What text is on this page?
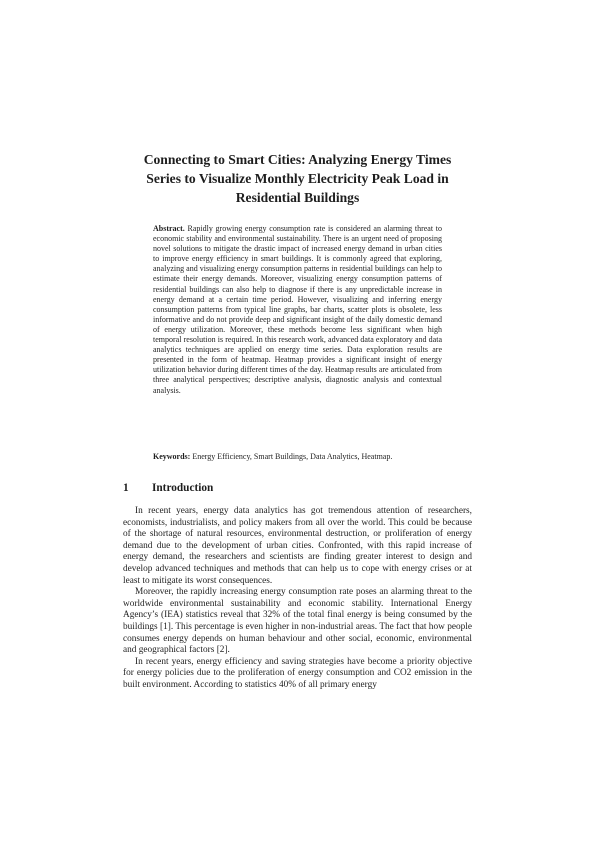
Connecting to Smart Cities: Analyzing Energy Times
Series to Visualize Monthly Electricity Peak Load in
Residential Buildings
Abstract. Rapidly growing energy consumption rate is considered an alarming threat to economic stability and environmental sustainability. There is an urgent need of proposing novel solutions to mitigate the drastic impact of increased energy demand in urban cities to improve energy efficiency in smart buildings. It is commonly agreed that exploring, analyzing and visualizing energy consumption patterns in residential buildings can help to estimate their energy demands. Moreover, visualizing energy consumption patterns of residential buildings can also help to diagnose if there is any unpredictable increase in energy demand at a certain time period. However, visualizing and inferring energy consumption patterns from typical line graphs, bar charts, scatter plots is obsolete, less informative and do not provide deep and significant insight of the daily domestic demand of energy utilization. Moreover, these methods become less significant when high temporal resolution is required. In this research work, advanced data exploratory and data analytics techniques are applied on energy time series. Data exploration results are presented in the form of heatmap. Heatmap provides a significant insight of energy utilization behavior during different times of the day. Heatmap results are articulated from three analytical perspectives; descriptive analysis, diagnostic analysis and contextual analysis.
Keywords: Energy Efficiency, Smart Buildings, Data Analytics, Heatmap.
1 Introduction

In recent years, energy data analytics has got tremendous attention of researchers, economists, industrialists, and policy makers from all over the world. This could be because of the shortage of natural resources, environmental destruction, or proliferation of energy demand due to the development of urban cities. Confronted, with this rapid increase of energy demand, the researchers and scientists are finding greater interest to design and develop advanced techniques and methods that can help us to cope with energy crises or at least to mitigate its worst consequences.

Moreover, the rapidly increasing energy consumption rate poses an alarming threat to the worldwide environmental sustainability and economic stability. International Energy Agency’s (IEA) statistics reveal that 32% of the total final energy is being consumed by the buildings [1]. This percentage is even higher in non-industrial areas. The fact that how people consumes energy depends on human behaviour and other social, economic, environmental and geographical factors [2].

In recent years, energy efficiency and saving strategies have become a priority objective for energy policies due to the proliferation of energy consumption and CO2 emission in the built environment. According to statistics 40% of all primary energy
